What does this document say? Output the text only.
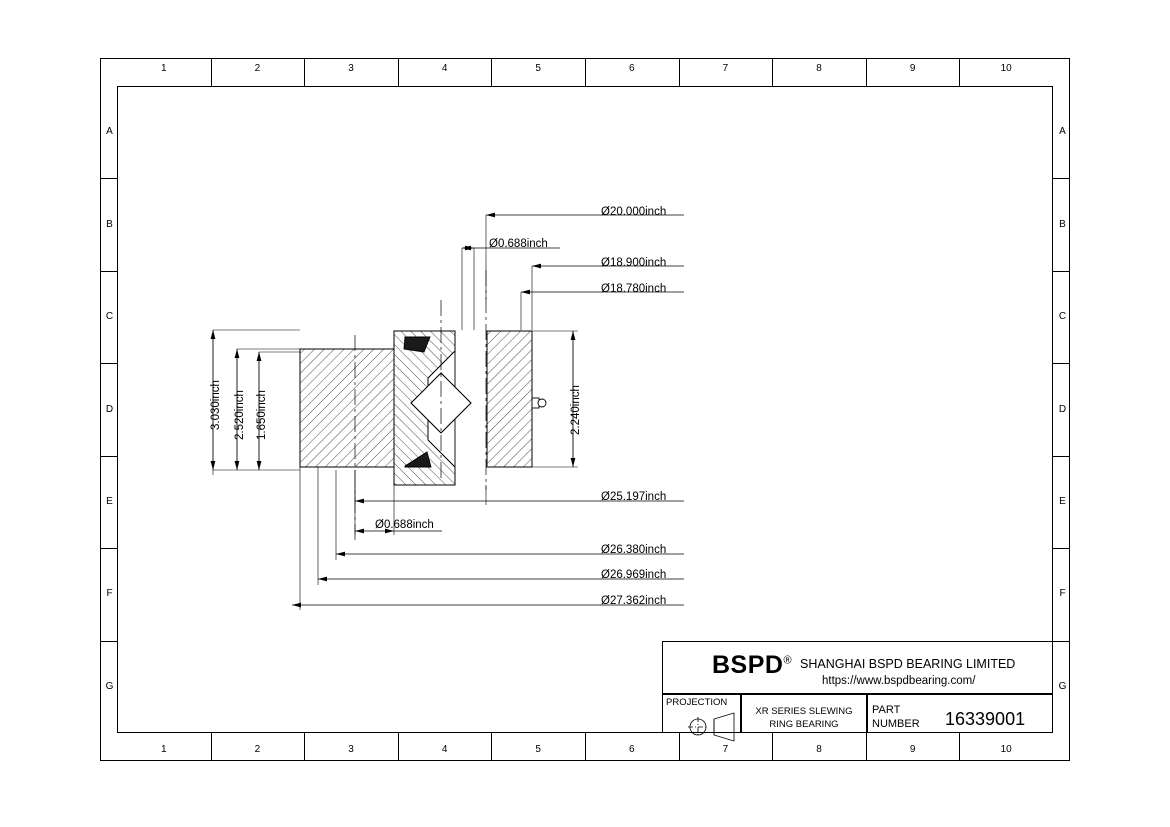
1
1
2
2
3
3
4
4
5
5
6
6
7
7
8
8
9
9
10
10
A	A
B	B
C	C
D	D
E	E
F	F
G	G
Ø20.000inch
Ø0.688inch
Ø18.900inch
Ø18.780inch
3.030inch 2.520inch 1.650inch	2.240inch
Ø25.197inch
Ø0.688inch
Ø26.380inch
Ø26.969inch
Ø27.362inch
BSPD® SHANGHAI BSPD BEARING LIMITED
https://www.bspdbearing.com/
PROJECTION
XR SERIES SLEWING
RING BEARING
PART
NUMBER 16339001
